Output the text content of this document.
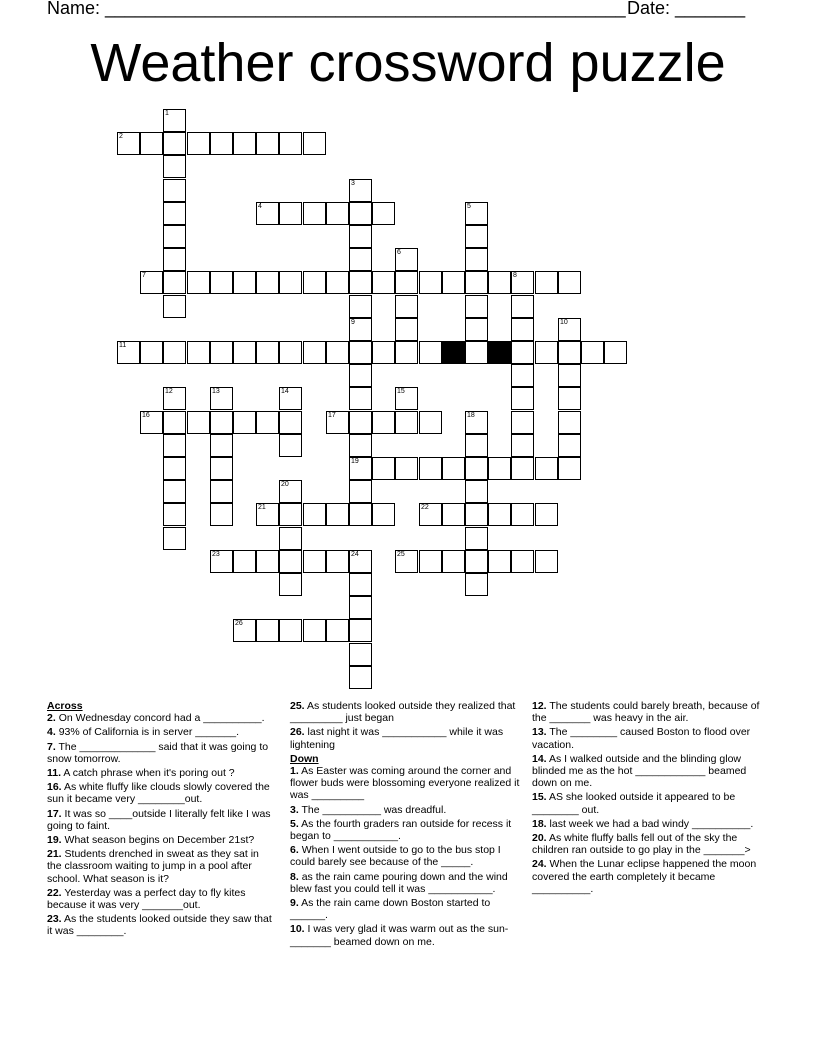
Name: ____________________________________________________ Date: _______
Weather crossword puzzle
2
4
7	8
11
16	17
19
21	22
23	24	25
26
1
3
5
6
9	10
12	13	14	15
18
20
Across
2. On Wednesday concord had a __________.
4. 93% of California is in server _______.
7. The _____________ said that it was going to snow tomorrow.
11. A catch phrase when it's poring out ?
16. As white fluffy like clouds slowly covered the sun it became very ________out.
17. It was so ____outside I literally felt like I was going to faint.
19. What season begins on December 21st?
21. Students drenched in sweat as they sat in the classroom waiting to jump in a pool after school. What season is it?
22. Yesterday was a perfect day to fly kites because it was very _______out.
23. As the students looked outside they saw that it was ________.
25. As students looked outside they realized that _________ just began
26. last night it was ___________ while it was lightening
Down
1. As Easter was coming around the corner and flower buds were blossoming everyone realized it was _________
3. The __________ was dreadful.
5. As the fourth graders ran outside for recess it began to ___________.
6. When I went outside to go to the bus stop I could barely see because of the _____.
8. as the rain came pouring down and the wind blew fast you could tell it was ___________.
9. As the rain came down Boston started to ______.
10. I was very glad it was warm out as the sun- _______ beamed down on me.
12. The students could barely breath, because of the _______ was heavy in the air.
13. The ________ caused Boston to flood over vacation.
14. As I walked outside and the blinding glow blinded me as the hot ____________ beamed down on me.
15. AS she looked outside it appeared to be ________ out.
18. last week we had a bad windy __________.
20. As white fluffy balls fell out of the sky the children ran outside to go play in the _______>
24. When the Lunar eclipse happened the moon covered the earth completely it became __________.
